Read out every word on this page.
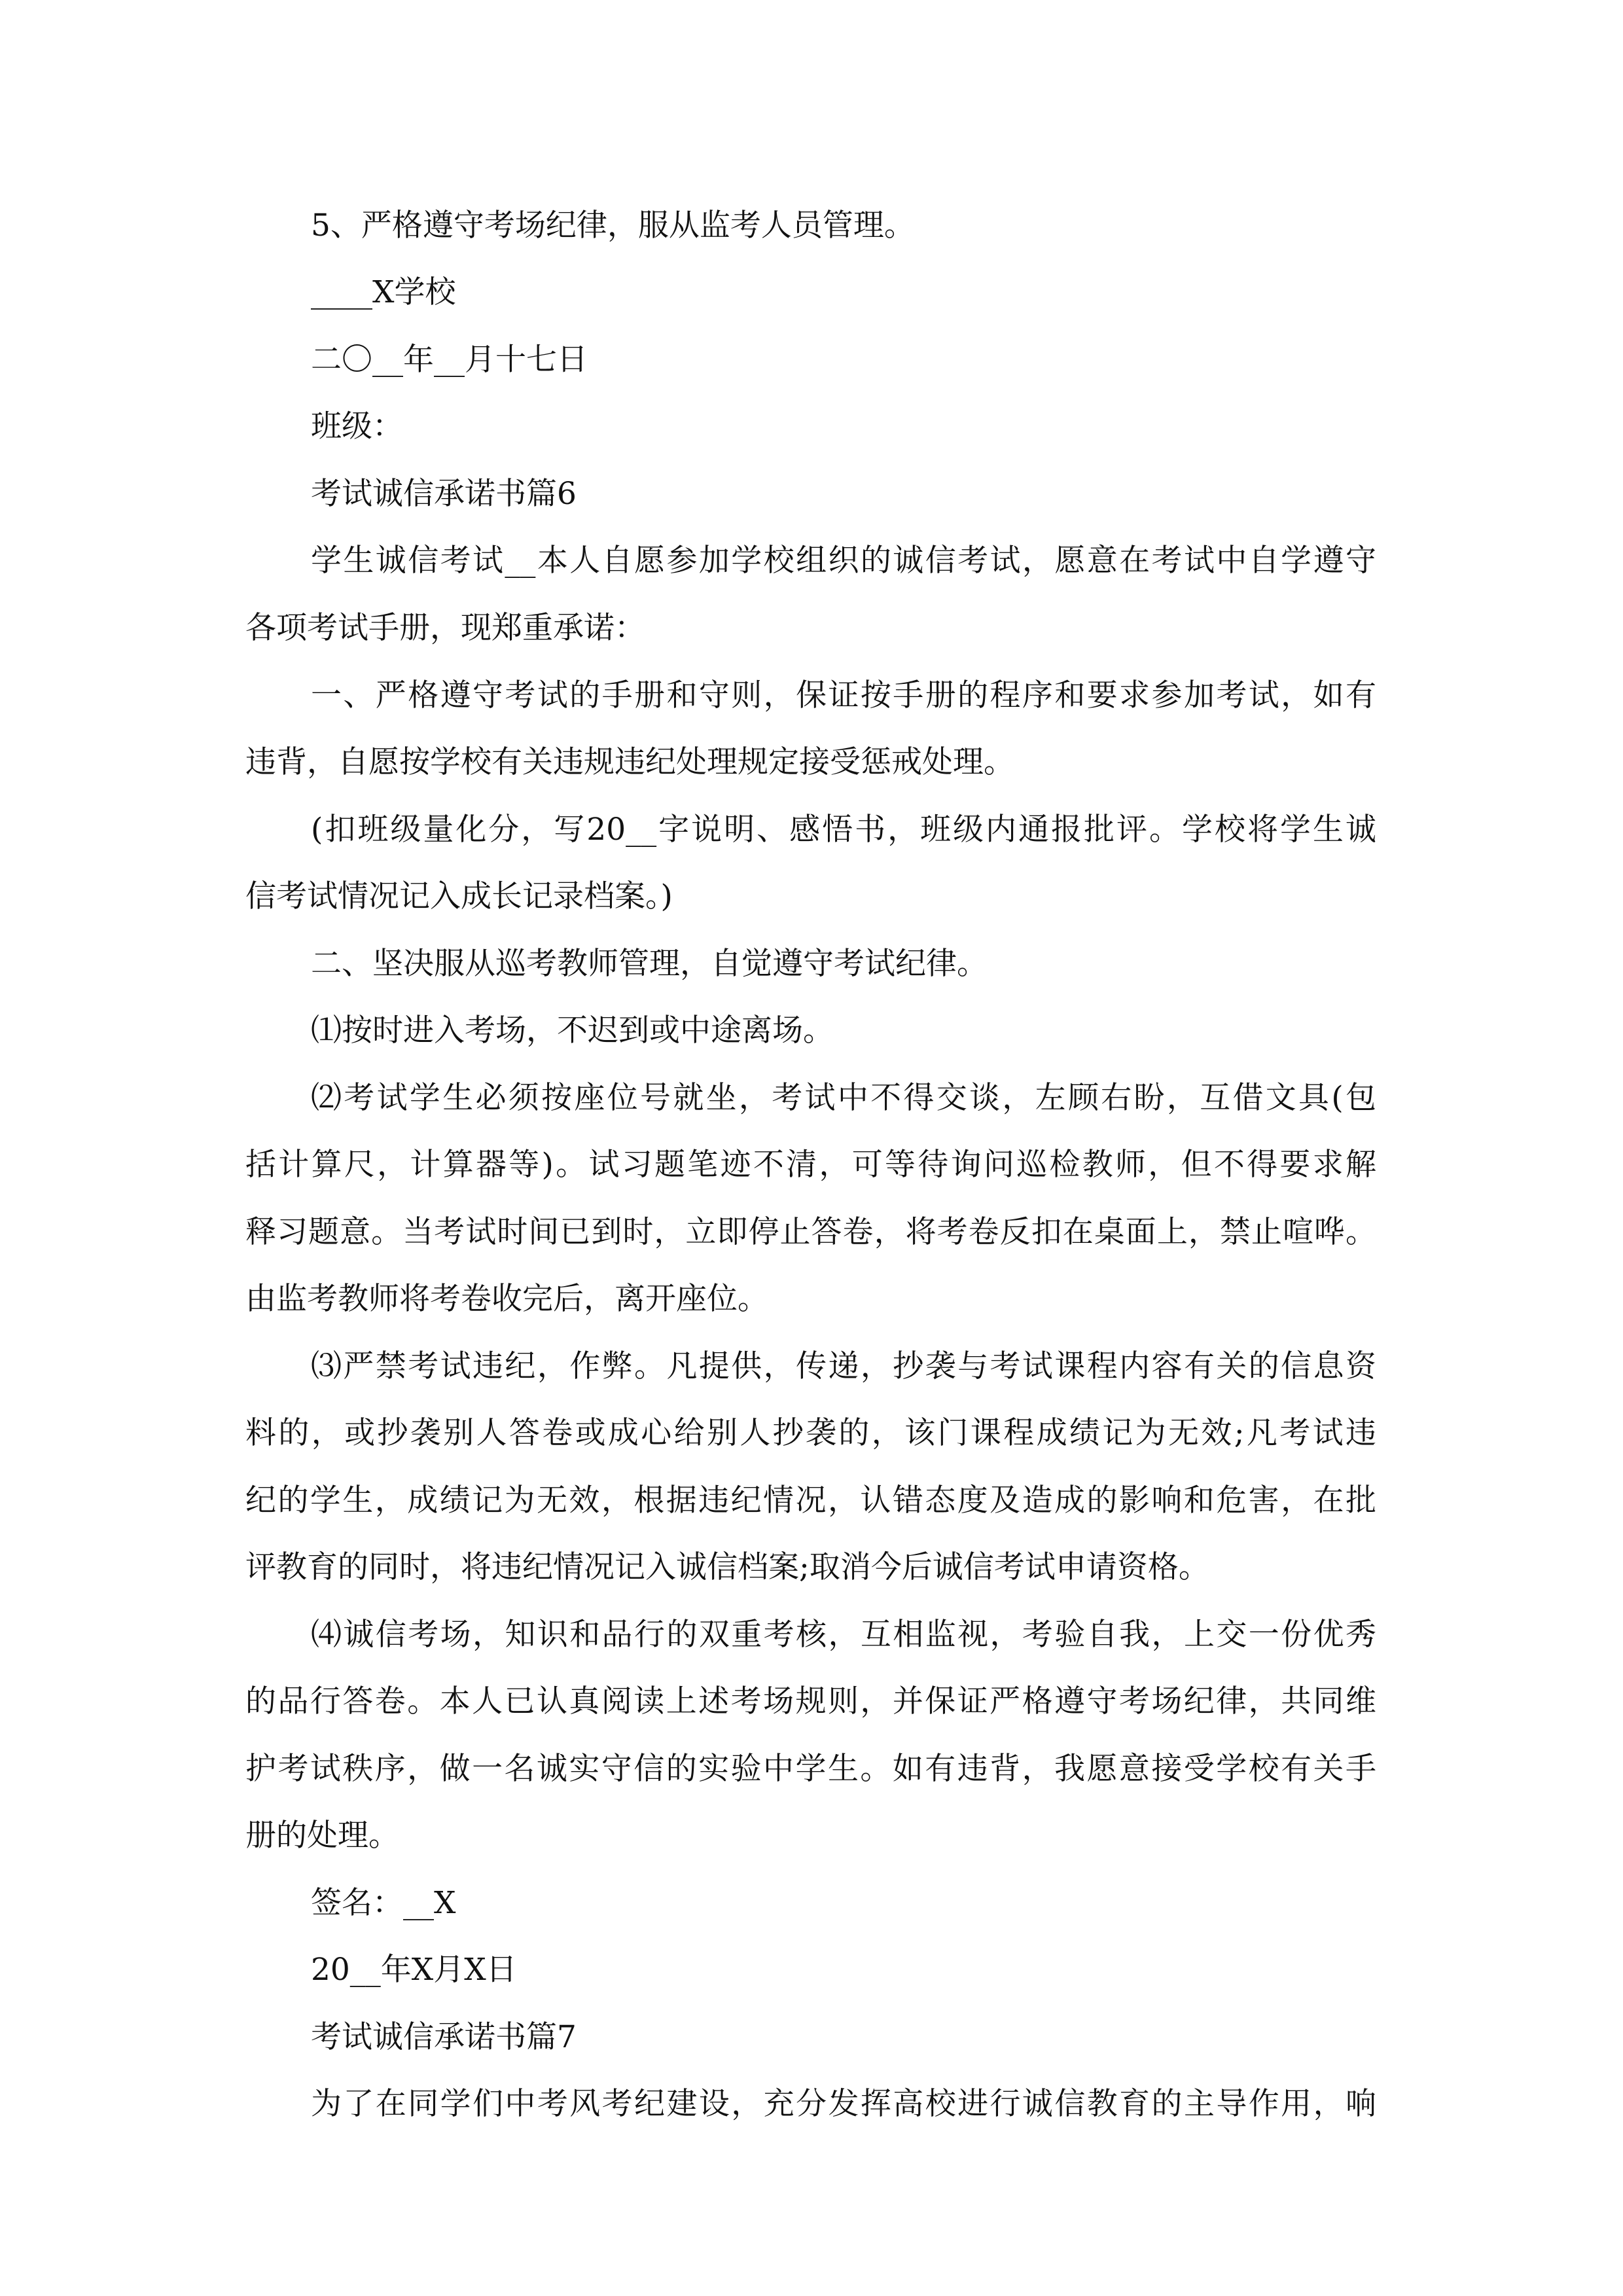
5、严格遵守考场纪律，服从监考人员管理。
____X学校
二〇__年__月十七日
班级：
考试诚信承诺书篇6
学生诚信考试__本人自愿参加学校组织的诚信考试，愿意在考试中自学遵守
各项考试手册，现郑重承诺：
一、严格遵守考试的手册和守则，保证按手册的程序和要求参加考试，如有
违背，自愿按学校有关违规违纪处理规定接受惩戒处理。
(扣班级量化分，写20__字说明、感悟书，班级内通报批评。学校将学生诚
信考试情况记入成长记录档案。)
二、坚决服从巡考教师管理，自觉遵守考试纪律。
⑴按时进入考场，不迟到或中途离场。
⑵考试学生必须按座位号就坐，考试中不得交谈，左顾右盼，互借文具(包
括计算尺，计算器等)。试习题笔迹不清，可等待询问巡检教师，但不得要求解
释习题意。当考试时间已到时，立即停止答卷，将考卷反扣在桌面上，禁止喧哗。
由监考教师将考卷收完后，离开座位。
⑶严禁考试违纪，作弊。凡提供，传递，抄袭与考试课程内容有关的信息资
料的，或抄袭别人答卷或成心给别人抄袭的，该门课程成绩记为无效;凡考试违
纪的学生，成绩记为无效，根据违纪情况，认错态度及造成的影响和危害，在批
评教育的同时，将违纪情况记入诚信档案;取消今后诚信考试申请资格。
⑷诚信考场，知识和品行的双重考核，互相监视，考验自我，上交一份优秀
的品行答卷。本人已认真阅读上述考场规则，并保证严格遵守考场纪律，共同维
护考试秩序，做一名诚实守信的实验中学生。如有违背，我愿意接受学校有关手
册的处理。
签名：__X
20__年X月X日
考试诚信承诺书篇7
为了在同学们中考风考纪建设，充分发挥高校进行诚信教育的主导作用，响
